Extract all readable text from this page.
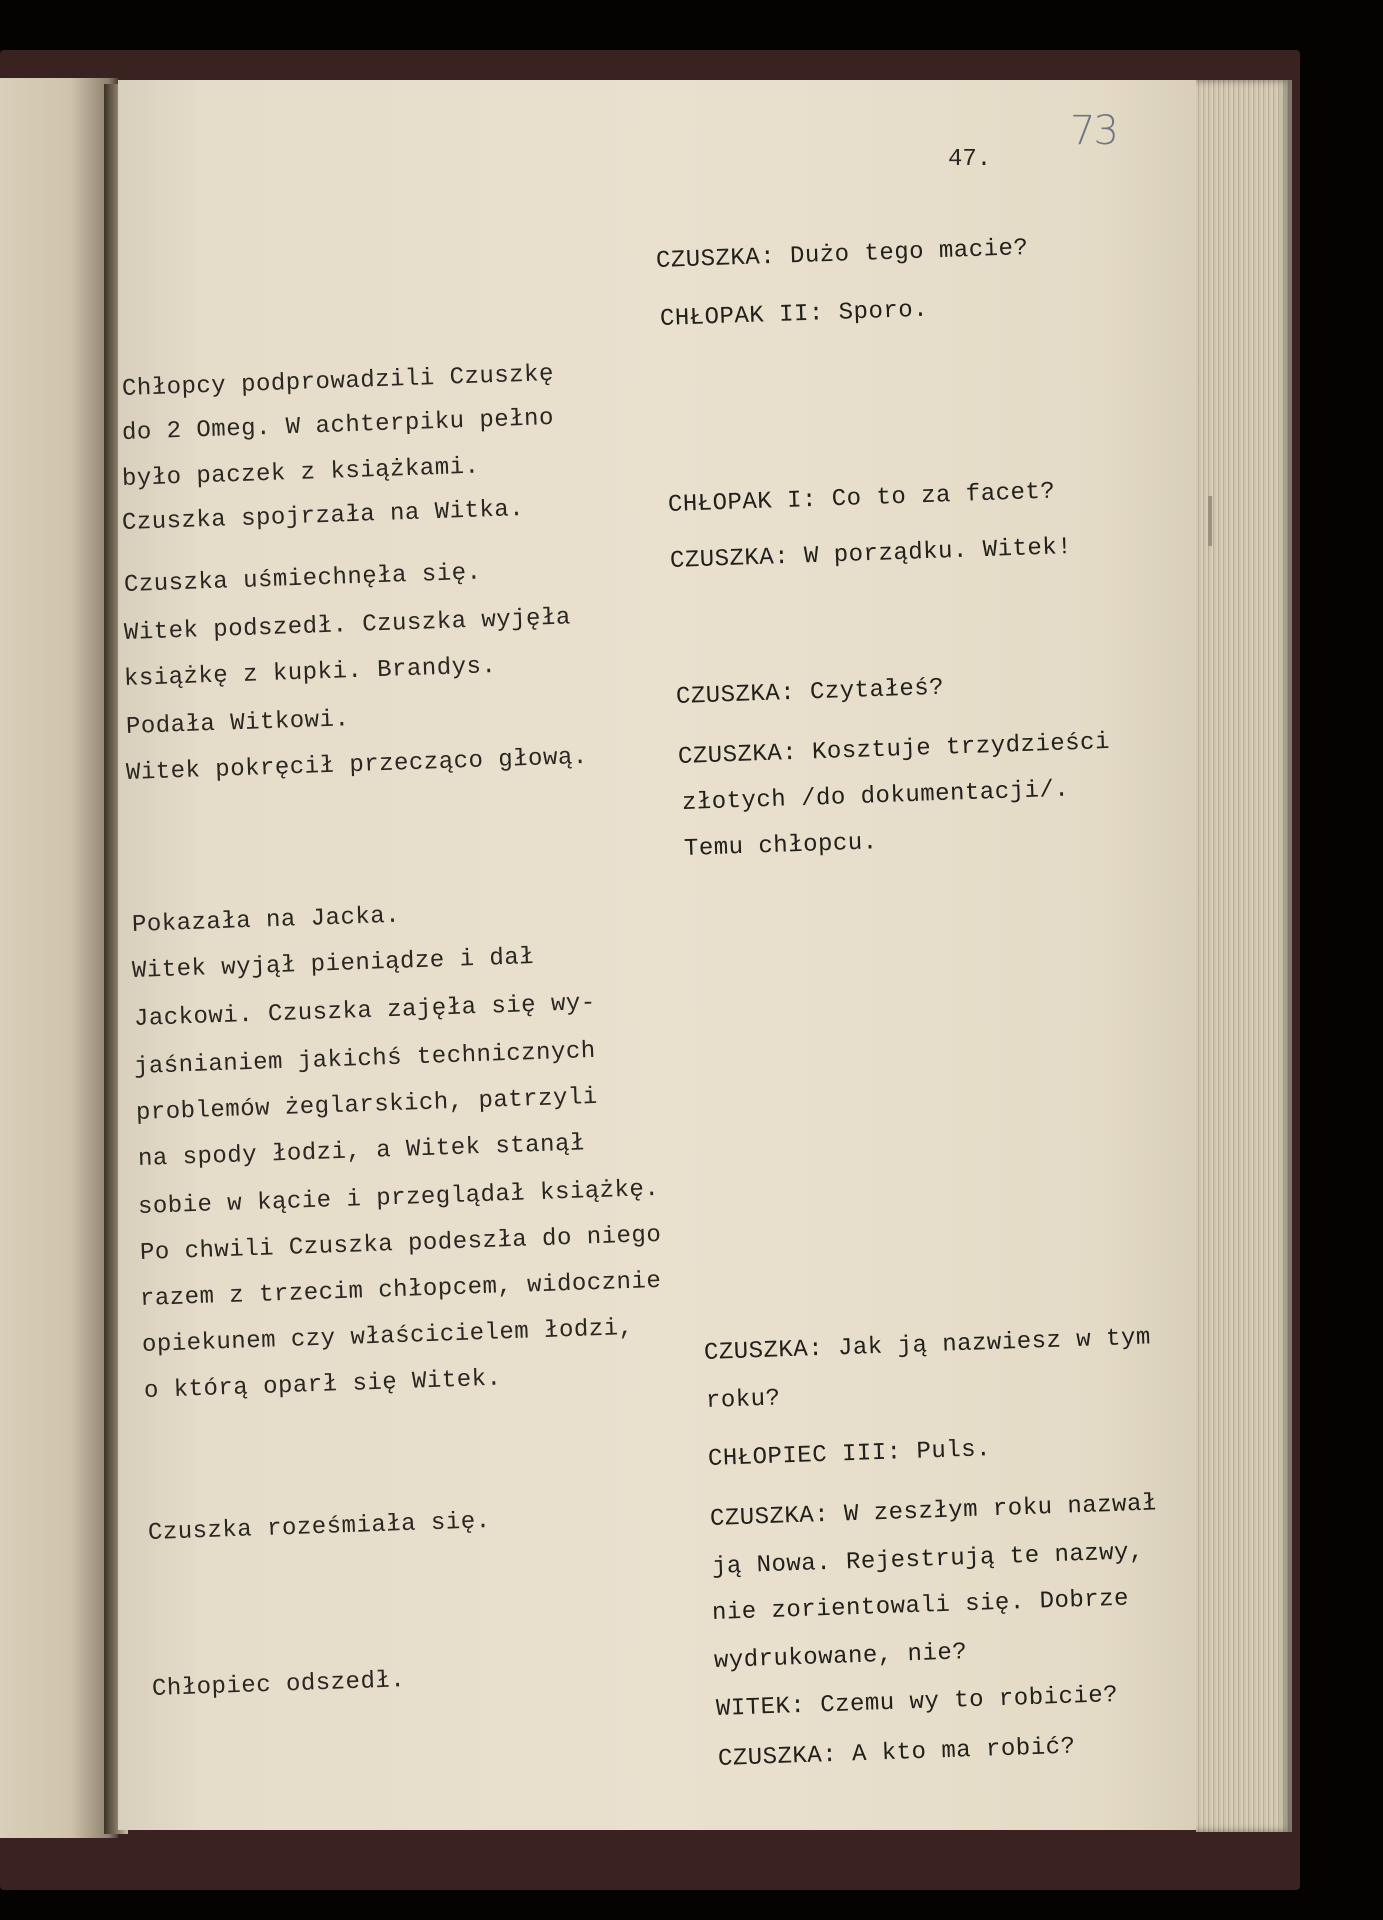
47.
73
Chłopcy podprowadzili Czuszkę
do 2 Omeg. W achterpiku pełno
było paczek z książkami.
Czuszka spojrzała na Witka.
Czuszka uśmiechnęła się.
Witek podszedł. Czuszka wyjęła
książkę z kupki. Brandys.
Podała Witkowi.
Witek pokręcił przecząco głową.
Pokazała na Jacka.
Witek wyjął pieniądze i dał
Jackowi. Czuszka zajęła się wy-
jaśnianiem jakichś technicznych
problemów żeglarskich, patrzyli
na spody łodzi, a Witek stanął
sobie w kącie i przeglądał książkę.
Po chwili Czuszka podeszła do niego
razem z trzecim chłopcem, widocznie
opiekunem czy właścicielem łodzi,
o którą oparł się Witek.
Czuszka roześmiała się.
Chłopiec odszedł.
CZUSZKA: Dużo tego macie?
CHŁOPAK II: Sporo.
CHŁOPAK I: Co to za facet?
CZUSZKA: W porządku. Witek!
CZUSZKA: Czytałeś?
CZUSZKA: Kosztuje trzydzieści
złotych /do dokumentacji/.
Temu chłopcu.
CZUSZKA: Jak ją nazwiesz w tym
roku?
CHŁOPIEC III: Puls.
CZUSZKA: W zeszłym roku nazwał
ją Nowa. Rejestrują te nazwy,
nie zorientowali się. Dobrze
wydrukowane, nie?
WITEK: Czemu wy to robicie?
CZUSZKA: A kto ma robić?
